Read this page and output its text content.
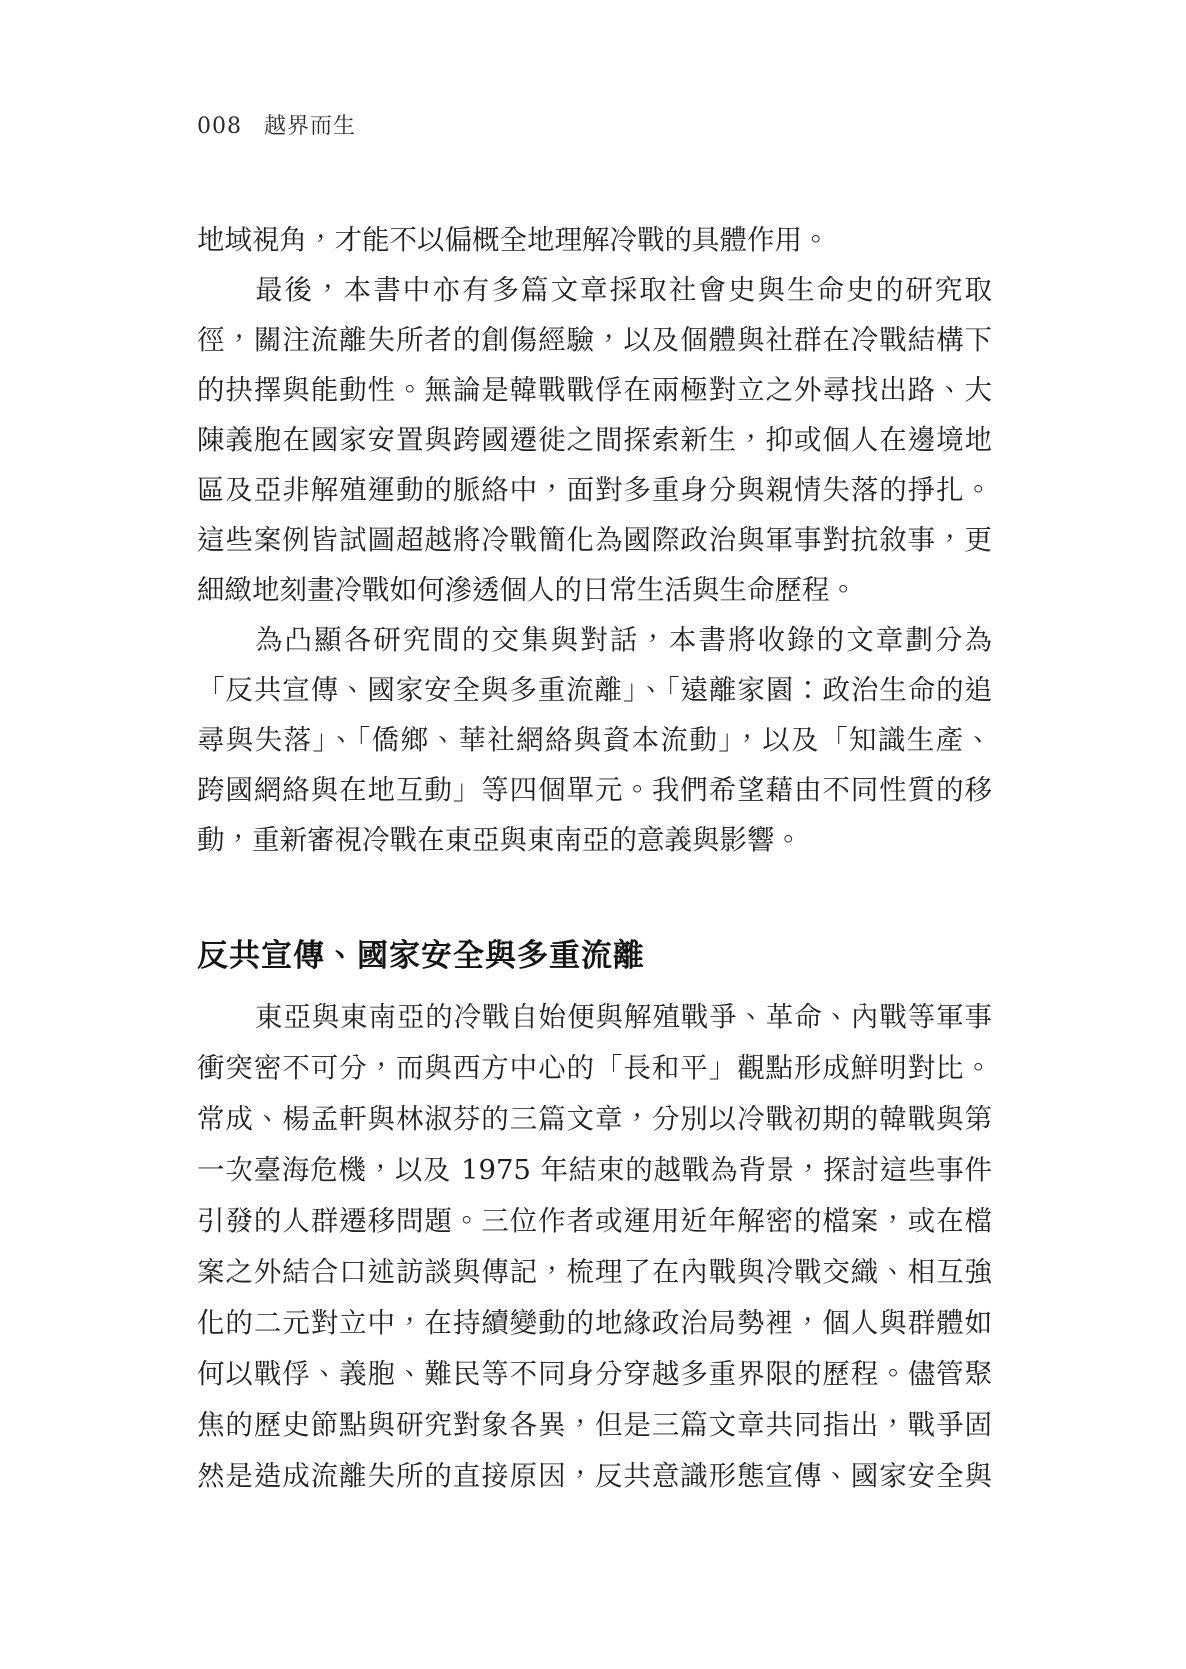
008 越界而生
地域視角，才能不以偏概全地理解冷戰的具體作用。
最後，本書中亦有多篇文章採取社會史與生命史的研究取
徑，關注流離失所者的創傷經驗，以及個體與社群在冷戰結構下
的抉擇與能動性。無論是韓戰戰俘在兩極對立之外尋找出路、大
陳義胞在國家安置與跨國遷徙之間探索新生，抑或個人在邊境地
區及亞非解殖運動的脈絡中，面對多重身分與親情失落的掙扎。
這些案例皆試圖超越將冷戰簡化為國際政治與軍事對抗敘事，更
細緻地刻畫冷戰如何滲透個人的日常生活與生命歷程。
為凸顯各研究間的交集與對話，本書將收錄的文章劃分為
「反共宣傳、國家安全與多重流離」、「遠離家園：政治生命的追
尋與失落」、「僑鄉、華社網絡與資本流動」，以及「知識生產、
跨國網絡與在地互動」等四個單元。我們希望藉由不同性質的移
動，重新審視冷戰在東亞與東南亞的意義與影響。
反共宣傳、國家安全與多重流離
東亞與東南亞的冷戰自始便與解殖戰爭、革命、內戰等軍事
衝突密不可分，而與西方中心的「長和平」觀點形成鮮明對比。
常成、楊孟軒與林淑芬的三篇文章，分別以冷戰初期的韓戰與第
一次臺海危機，以及 1975 年結束的越戰為背景，探討這些事件
引發的人群遷移問題。三位作者或運用近年解密的檔案，或在檔
案之外結合口述訪談與傳記，梳理了在內戰與冷戰交織、相互強
化的二元對立中，在持續變動的地緣政治局勢裡，個人與群體如
何以戰俘、義胞、難民等不同身分穿越多重界限的歷程。儘管聚
焦的歷史節點與研究對象各異，但是三篇文章共同指出，戰爭固
然是造成流離失所的直接原因，反共意識形態宣傳、國家安全與
